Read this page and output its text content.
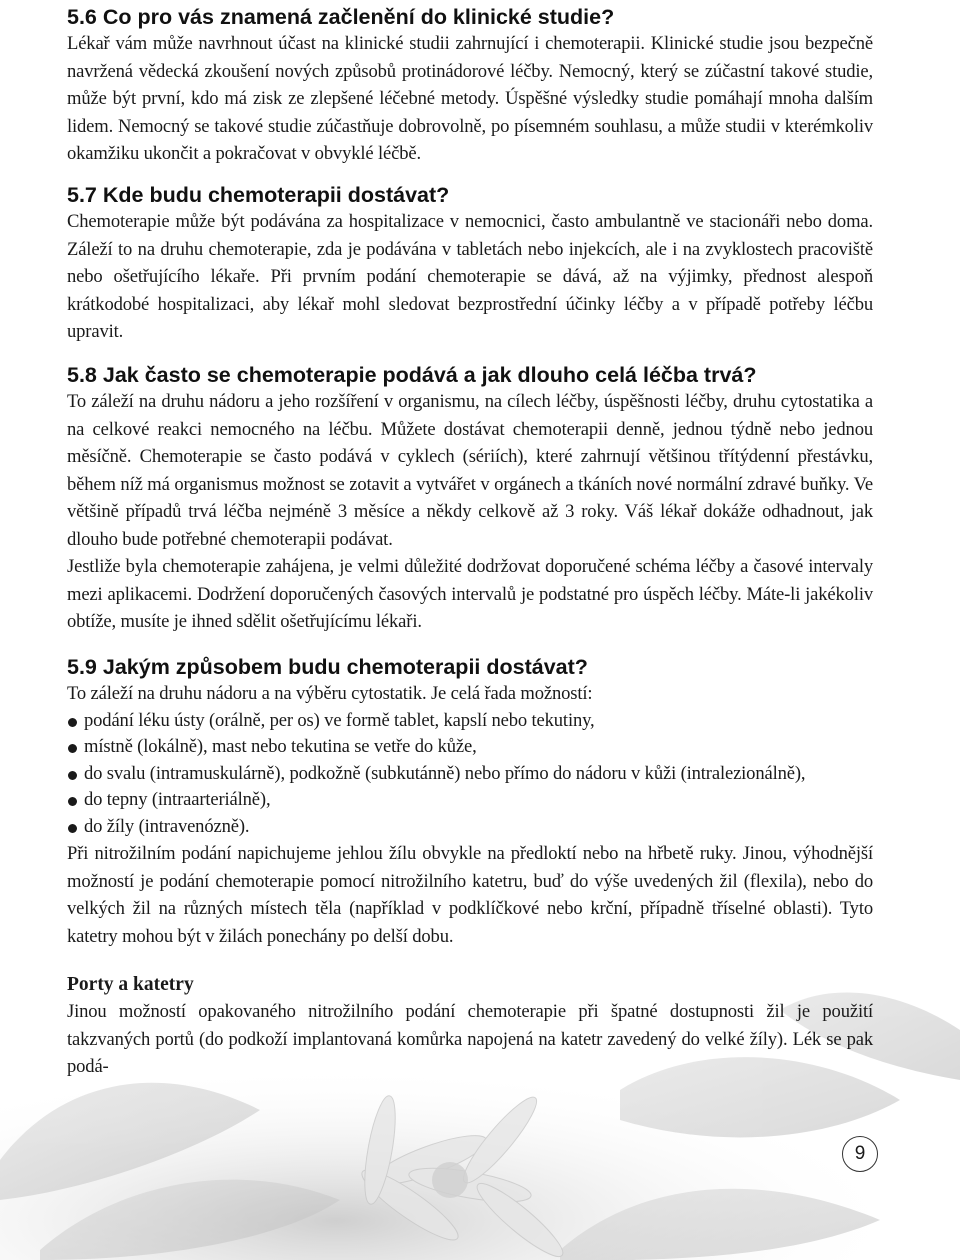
5.6 Co pro vás znamená začlenění do klinické studie?

Lékař vám může navrhnout účast na klinické studii zahrnující i chemoterapii. Klinické studie jsou bezpečně navržená vědecká zkoušení nových způsobů protinádorové léčby. Nemocný, který se zúčastní takové studie, může být první, kdo má zisk ze zlepšené léčebné metody. Úspěšné výsledky studie pomáhají mnoha dalším lidem. Nemocný se takové studie zúčastňuje dobrovolně, po písemném souhlasu, a může studii v kterémkoliv okamžiku ukončit a pokračovat v obvyklé léčbě.

5.7 Kde budu chemoterapii dostávat?

Chemoterapie může být podávána za hospitalizace v nemocnici, často ambulantně ve stacionáři nebo doma. Záleží to na druhu chemoterapie, zda je podávána v tabletách nebo injekcích, ale i na zvyklostech pracoviště nebo ošetřujícího lékaře. Při prvním podání chemoterapie se dává, až na výjimky, přednost alespoň krátkodobé hospitalizaci, aby lékař mohl sledovat bezprostřední účinky léčby a v případě potřeby léčbu upravit.

5.8 Jak často se chemoterapie podává a jak dlouho celá léčba trvá?

To záleží na druhu nádoru a jeho rozšíření v organismu, na cílech léčby, úspěšnosti léčby, druhu cytostatika a na celkové reakci nemocného na léčbu. Můžete dostávat chemoterapii denně, jednou týdně nebo jednou měsíčně. Chemoterapie se často podává v cyklech (sériích), které zahrnují většinou třítýdenní přestávku, během níž má organismus možnost se zotavit a vytvářet v orgánech a tkáních nové normální zdravé buňky. Ve většině případů trvá léčba nejméně 3 měsíce a někdy celkově až 3 roky. Váš lékař dokáže odhadnout, jak dlouho bude potřebné chemoterapii podávat.

Jestliže byla chemoterapie zahájena, je velmi důležité dodržovat doporučené schéma léčby a časové intervaly mezi aplikacemi. Dodržení doporučených časových intervalů je podstatné pro úspěch léčby. Máte-li jakékoliv obtíže, musíte je ihned sdělit ošetřujícímu lékaři.

5.9 Jakým způsobem budu chemoterapii dostávat?

To záleží na druhu nádoru a na výběru cytostatik. Je celá řada možností:

podání léku ústy (orálně, per os) ve formě tablet, kapslí nebo tekutiny,
místně (lokálně), mast nebo tekutina se vetře do kůže,
do svalu (intramuskulárně), podkožně (subkutánně) nebo přímo do nádoru v kůži (intralezionálně),
do tepny (intraarteriálně),
do žíly (intravenózně).

Při nitrožilním podání napichujeme jehlou žílu obvykle na předloktí nebo na hřbetě ruky. Jinou, výhodnější možností je podání chemoterapie pomocí nitrožilního katetru, buď do výše uvedených žil (flexila), nebo do velkých žil na různých místech těla (například v podklíčkové nebo krční, případně tříselné oblasti). Tyto katetry mohou být v žilách ponechány po delší dobu.

Porty a katetry

Jinou možností opakovaného nitrožilního podání chemoterapie při špatné dostupnosti žil je použití takzvaných portů (do podkoží implantovaná komůrka napojená na katetr zavedený do velké žíly). Lék se pak podá-

9
